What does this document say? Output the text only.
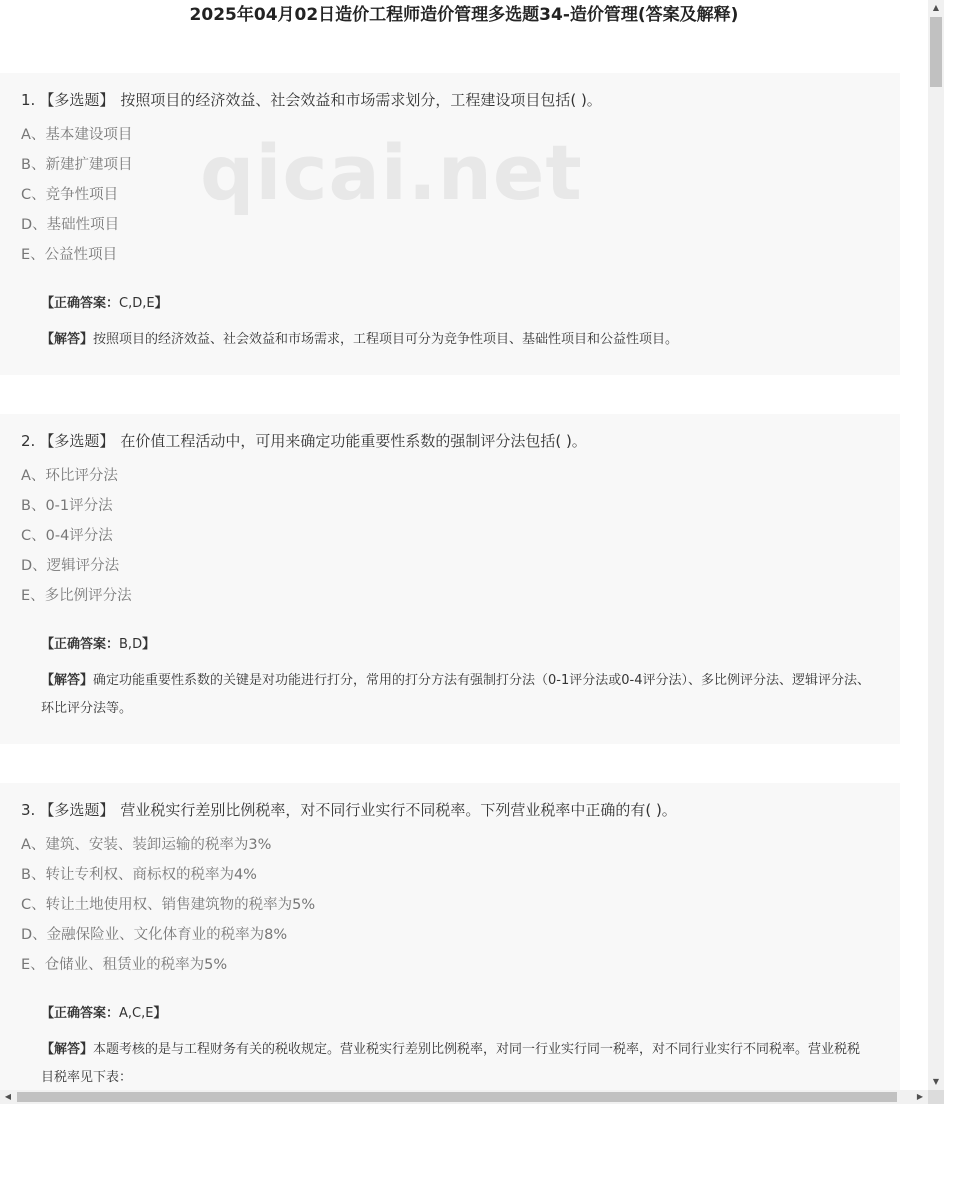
2025年04月02日造价工程师造价管理多选题34-造价管理(答案及解释)
qicai.net
1. 【多选题】 按照项目的经济效益、社会效益和市场需求划分，工程建设项目包括( )。
A、基本建设项目
B、新建扩建项目
C、竞争性项目
D、基础性项目
E、公益性项目
【正确答案：C,D,E】
【解答】按照项目的经济效益、社会效益和市场需求，工程项目可分为竞争性项目、基础性项目和公益性项目。
2. 【多选题】 在价值工程活动中，可用来确定功能重要性系数的强制评分法包括( )。
A、环比评分法
B、0-1评分法
C、0-4评分法
D、逻辑评分法
E、多比例评分法
【正确答案：B,D】
【解答】确定功能重要性系数的关键是对功能进行打分，常用的打分方法有强制打分法（0-1评分法或0-4评分法）、多比例评分法、逻辑评分法、环比评分法等。
3. 【多选题】 营业税实行差别比例税率，对不同行业实行不同税率。下列营业税率中正确的有( )。
A、建筑、安装、装卸运输的税率为3%
B、转让专利权、商标权的税率为4%
C、转让土地使用权、销售建筑物的税率为5%
D、金融保险业、文化体育业的税率为8%
E、仓储业、租赁业的税率为5%
【正确答案：A,C,E】
【解答】本题考核的是与工程财务有关的税收规定。营业税实行差别比例税率，对同一行业实行同一税率，对不同行业实行不同税率。营业税税目税率见下表：
▲
▼
◀	▶
